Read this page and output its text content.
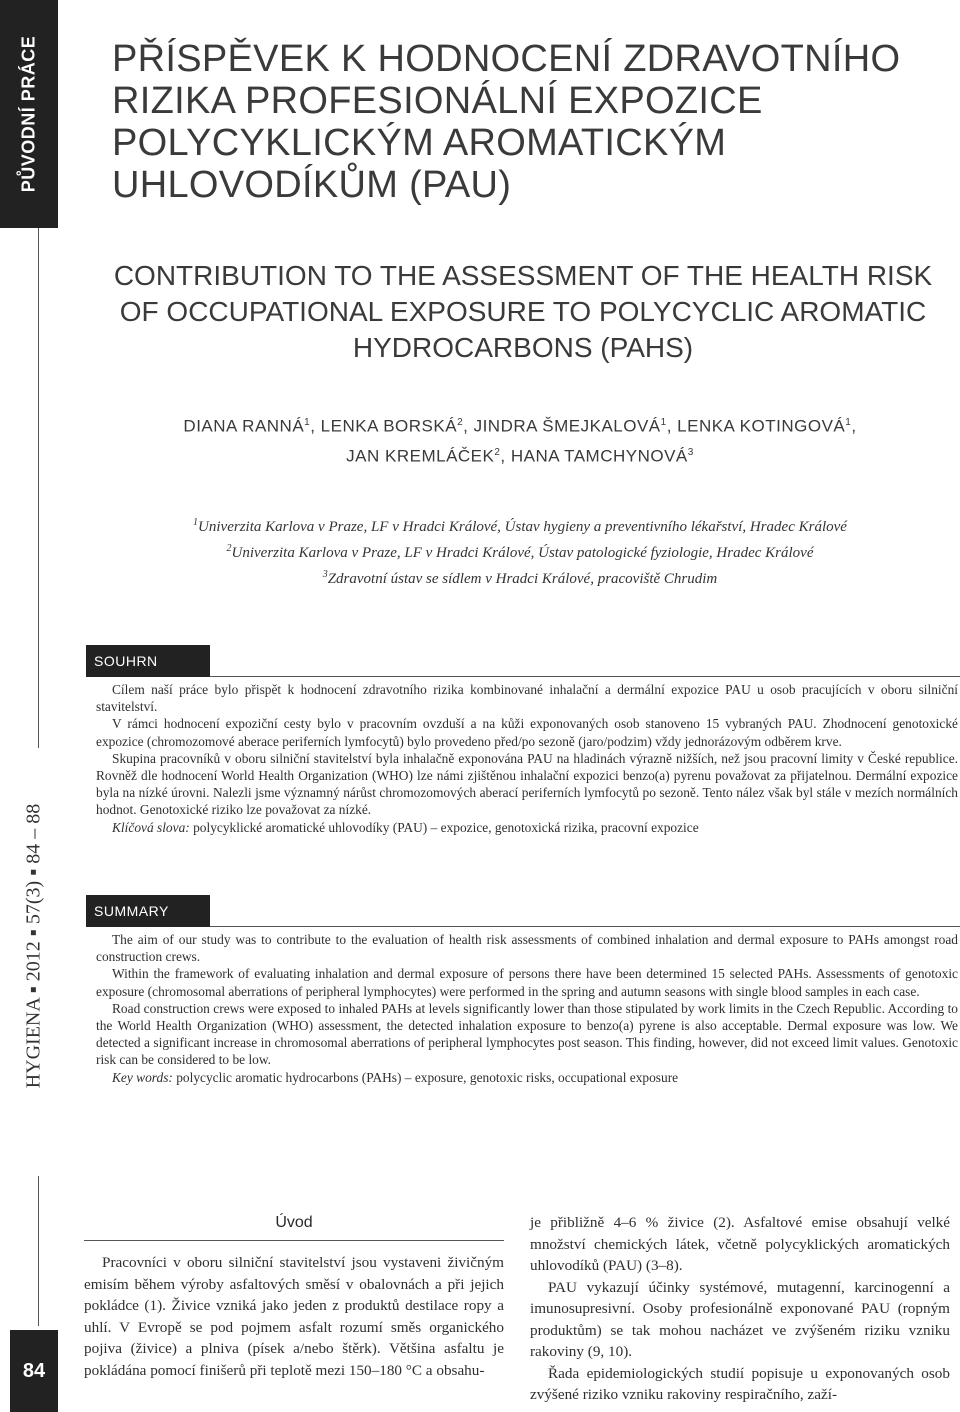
PŮVODNÍ PRÁCE
HYGIENA ▪ 2012 ▪ 57(3) ▪ 84 – 88
84
PŘÍSPĚVEK K HODNOCENÍ ZDRAVOTNÍHO
RIZIKA PROFESIONÁLNÍ EXPOZICE
POLYCYKLICKÝM AROMATICKÝM
UHLOVODÍKŮM (PAU)
CONTRIBUTION TO THE ASSESSMENT OF THE HEALTH RISK
OF OCCUPATIONAL EXPOSURE TO POLYCYCLIC AROMATIC
HYDROCARBONS (PAHS)
DIANA RANNÁ$^1$, LENKA BORSKÁ$^2$, JINDRA ŠMEJKALOVÁ$^1$, LENKA KOTINGOVÁ$^1$,
JAN KREMLÁČEK$^2$, HANA TAMCHYNOVÁ$^3$
$^1$Univerzita Karlova v Praze, LF v Hradci Králové, Ústav hygieny a preventivního lékařství, Hradec Králové
$^2$Univerzita Karlova v Praze, LF v Hradci Králové, Ústav patologické fyziologie, Hradec Králové
$^3$Zdravotní ústav se sídlem v Hradci Králové, pracoviště Chrudim
SOUHRN

Cílem naší práce bylo přispět k hodnocení zdravotního rizika kombinované inhalační a dermální expozice PAU u osob pracujících v oboru silniční stavitelství.

V rámci hodnocení expoziční cesty bylo v pracovním ovzduší a na kůži exponovaných osob stanoveno 15 vybraných PAU. Zhodnocení genotoxické expozice (chromozomové aberace periferních lymfocytů) bylo provedeno před/po sezoně (jaro/podzim) vždy jednorázovým odběrem krve.

Skupina pracovníků v oboru silniční stavitelství byla inhalačně exponována PAU na hladinách výrazně nižších, než jsou pracovní limity v České republice. Rovněž dle hodnocení World Health Organization (WHO) lze námi zjištěnou inhalační expozici benzo(a) pyrenu považovat za přijatelnou. Dermální expozice byla na nízké úrovni. Nalezli jsme významný nárůst chromozomových aberací periferních lymfocytů po sezoně. Tento nález však byl stále v mezích normálních hodnot. Genotoxické riziko lze považovat za nízké.

Klíčová slova: polycyklické aromatické uhlovodíky (PAU) – expozice, genotoxická rizika, pracovní expozice

SUMMARY

The aim of our study was to contribute to the evaluation of health risk assessments of combined inhalation and dermal exposure to PAHs amongst road construction crews.

Within the framework of evaluating inhalation and dermal exposure of persons there have been determined 15 selected PAHs. Assessments of genotoxic exposure (chromosomal aberrations of peripheral lymphocytes) were performed in the spring and autumn seasons with single blood samples in each case.

Road construction crews were exposed to inhaled PAHs at levels significantly lower than those stipulated by work limits in the Czech Republic. According to the World Health Organization (WHO) assessment, the detected inhalation exposure to benzo(a) pyrene is also acceptable. Dermal exposure was low. We detected a significant increase in chromosomal aberrations of peripheral lymphocytes post season. This finding, however, did not exceed limit values. Genotoxic risk can be considered to be low.

Key words: polycyclic aromatic hydrocarbons (PAHs) – exposure, genotoxic risks, occupational exposure

Úvod

Pracovníci v oboru silniční stavitelství jsou vystaveni živičným emisím během výroby asfaltových směsí v obalovnách a při jejich pokládce (1). Živice vzniká jako jeden z produktů destilace ropy a uhlí. V Evropě se pod pojmem asfalt rozumí směs organického pojiva (živice) a plniva (písek a/nebo štěrk). Většina asfaltu je pokládána pomocí finišerů při teplotě mezi 150–180 °C a obsahu-

je přibližně 4–6 % živice (2). Asfaltové emise obsahují velké množství chemických látek, včetně polycyklických aromatických uhlovodíků (PAU) (3–8).

PAU vykazují účinky systémové, mutagenní, karcinogenní a imunosupresivní. Osoby profesionálně exponované PAU (ropným produktům) se tak mohou nacházet ve zvýšeném riziku vzniku rakoviny (9, 10).

Řada epidemiologických studií popisuje u exponovaných osob zvýšené riziko vzniku rakoviny respiračního, zaží-
